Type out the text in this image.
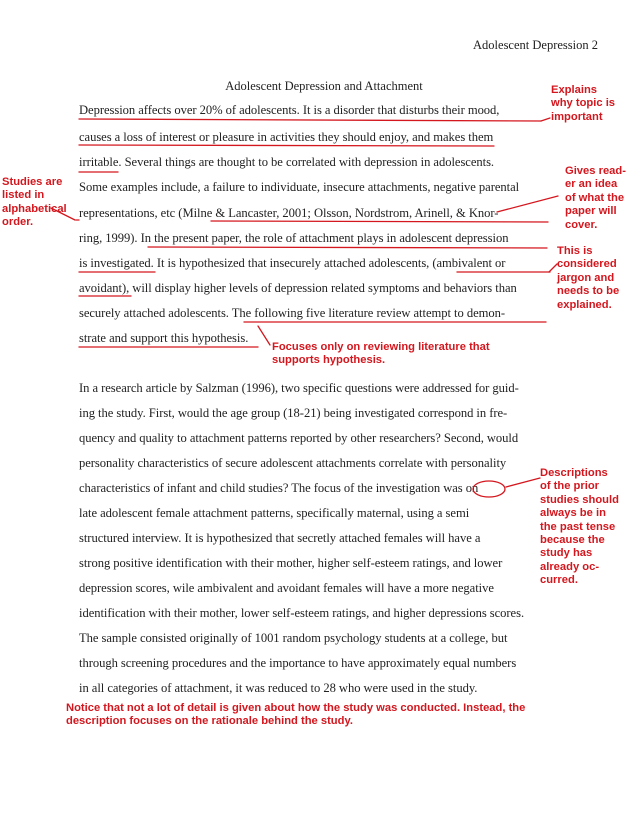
Adolescent Depression 2
Adolescent Depression and Attachment
Depression affects over 20% of adolescents. It is a disorder that disturbs their mood,
causes a loss of interest or pleasure in activities they should enjoy, and makes them
irritable. Several things are thought to be correlated with depression in adolescents.
Some examples include, a failure to individuate, insecure attachments, negative parental
representations, etc (Milne & Lancaster, 2001; Olsson, Nordstrom, Arinell, & Knor-
ring, 1999). In the present paper, the role of attachment plays in adolescent depression
is investigated. It is hypothesized that insecurely attached adolescents, (ambivalent or
avoidant), will display higher levels of depression related symptoms and behaviors than
securely attached adolescents. The following five literature review attempt to demon-
strate and support this hypothesis.
In a research article by Salzman (1996), two specific questions were addressed for guid-
ing the study. First, would the age group (18-21) being investigated correspond in fre-
quency and quality to attachment patterns reported by other researchers? Second, would
personality characteristics of secure adolescent attachments correlate with personality
characteristics of infant and child studies? The focus of the investigation was on
late adolescent female attachment patterns, specifically maternal, using a semi
structured interview. It is hypothesized that secretly attached females will have a
strong positive identification with their mother, higher self-esteem ratings, and lower
depression scores, wile ambivalent and avoidant females will have a more negative
identification with their mother, lower self-esteem ratings, and higher depressions scores.
The sample consisted originally of 1001 random psychology students at a college, but
through screening procedures and the importance to have approximately equal numbers
in all categories of attachment, it was reduced to 28 who were used in the study.
Explains
why topic is
important
Studies are
listed in
alphabetical
order.
Gives read-
er an idea
of what the
paper will
cover.
This is
considered
jargon and
needs to be
explained.
Focuses only on reviewing literature that
supports hypothesis.
Descriptions
of the prior
studies should
always be in
the past tense
because the
study has
already oc-
curred.
Notice that not a lot of detail is given about how the study was conducted. Instead, the
description focuses on the rationale behind the study.
